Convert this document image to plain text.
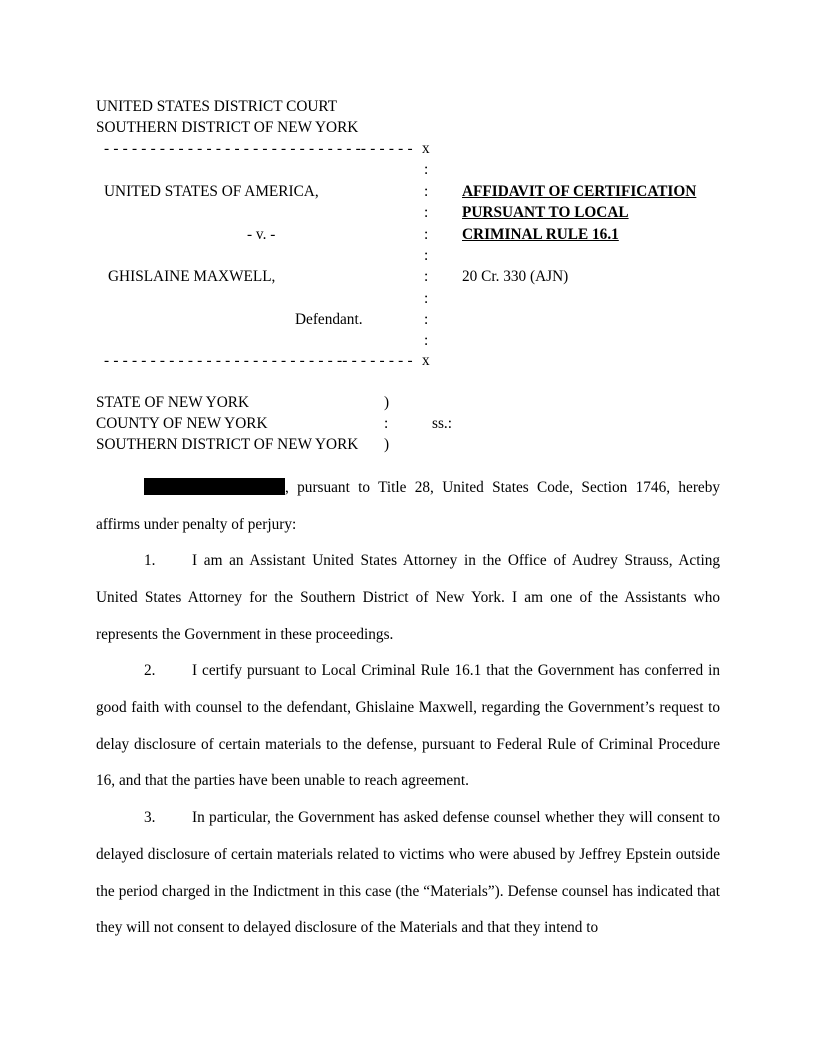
UNITED STATES DISTRICT COURT
SOUTHERN DISTRICT OF NEW YORK
- - - - - - - - - - - - - - - - - - - - - - - - - - - -- - - - - - x
:
:
:
:
:
:
:
:
:
UNITED STATES OF AMERICA,
- v. -
GHISLAINE MAXWELL,
Defendant.
AFFIDAVIT OF CERTIFICATION
PURSUANT TO LOCAL
CRIMINAL RULE 16.1
20 Cr. 330 (AJN)
- - - - - - - - - - - - - - - - - - - - - - - - - -- - - - - - - - x
STATE OF NEW YORK
COUNTY OF NEW YORK
SOUTHERN DISTRICT OF NEW YORK
)
:
)
ss.:
, pursuant to Title 28, United States Code, Section 1746, hereby affirms under penalty of perjury:
1. I am an Assistant United States Attorney in the Office of Audrey Strauss, Acting United States Attorney for the Southern District of New York. I am one of the Assistants who represents the Government in these proceedings.
2. I certify pursuant to Local Criminal Rule 16.1 that the Government has conferred in good faith with counsel to the defendant, Ghislaine Maxwell, regarding the Government’s request to delay disclosure of certain materials to the defense, pursuant to Federal Rule of Criminal Procedure 16, and that the parties have been unable to reach agreement.
3. In particular, the Government has asked defense counsel whether they will consent to delayed disclosure of certain materials related to victims who were abused by Jeffrey Epstein outside the period charged in the Indictment in this case (the “Materials”). Defense counsel has indicated that they will not consent to delayed disclosure of the Materials and that they intend to
